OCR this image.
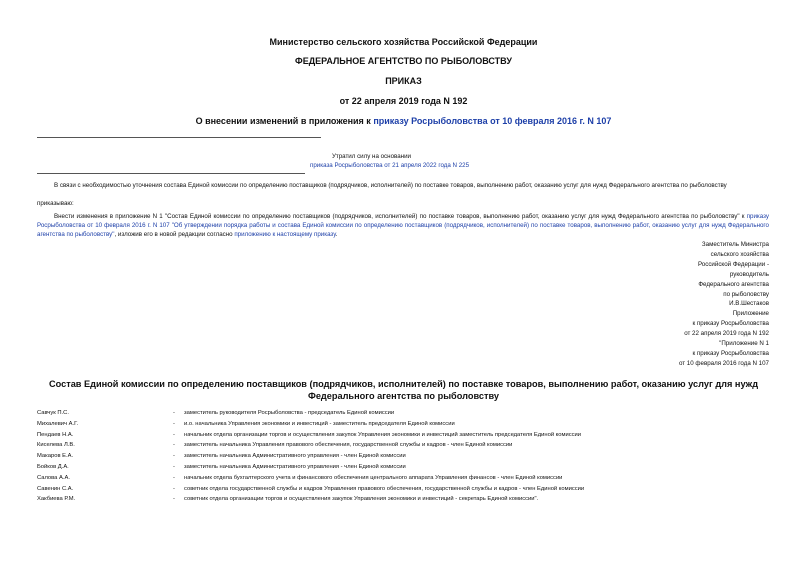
Министерство сельского хозяйства Российской Федерации
ФЕДЕРАЛЬНОЕ АГЕНТСТВО ПО РЫБОЛОВСТВУ
ПРИКАЗ
от 22 апреля 2019 года N 192
О внесении изменений в приложения к приказу Росрыболовства от 10 февраля 2016 г. N 107
Утратил силу на основании
приказа Росрыболовства от 21 апреля 2022 года N 225
В связи с необходимостью уточнения состава Единой комиссии по определению поставщиков (подрядчиков, исполнителей) по поставке товаров, выполнению работ, оказанию услуг для нужд Федерального агентства по рыболовству
приказываю:
Внести изменения в приложение N 1 "Состав Единой комиссии по определению поставщиков (подрядчиков, исполнителей) по поставке товаров, выполнению работ, оказанию услуг для нужд Федерального агентства по рыболовству" к приказу Росрыболовства от 10 февраля 2016 г. N 107 "Об утверждении порядка работы и состава Единой комиссии по определению поставщиков (подрядчиков, исполнителей) по поставке товаров, выполнению работ, оказанию услуг для нужд Федерального агентства по рыболовству", изложив его в новой редакции согласно приложению к настоящему приказу.
Заместитель Министра
сельского хозяйства
Российской Федерации -
руководитель
Федерального агентства
по рыболовству
И.В.Шестаков
Приложение
к приказу Росрыболовства
от 22 апреля 2019 года N 192
"Приложение N 1
к приказу Росрыболовства
от 10 февраля 2016 года N 107
Состав Единой комиссии по определению поставщиков (подрядчиков, исполнителей) по поставке товаров, выполнению работ, оказанию услуг для нужд Федерального агентства по рыболовству
Савчук П.С.	- заместитель руководителя Росрыболовства - председатель Единой комиссии
Михалевич А.Г.	- и.о. начальника Управления экономики и инвестиций - заместитель председателя Единой комиссии
Пендаев Н.А.	- начальник отдела организации торгов и осуществления закупок Управления экономики и инвестиций заместитель председателя Единой комиссии
Киселева Л.В.	- заместитель начальника Управления правового обеспечения, государственной службы и кадров - член Единой комиссии
Макаров Е.А.	- заместитель начальника Административного управления - член Единой комиссии
Бойков Д.А.	- заместитель начальника Административного управления - член Единой комиссии
Салова А.А.	- начальник отдела бухгалтерского учета и финансового обеспечения центрального аппарата Управления финансов - член Единой комиссии
Савенин С.А.	- советник отдела государственной службы и кадров Управления правового обеспечения, государственной службы и кадров - член Единой комиссии
Хакбиева Р.М.	- советник отдела организации торгов и осуществления закупок Управления экономики и инвестиций - секретарь Единой комиссии".
